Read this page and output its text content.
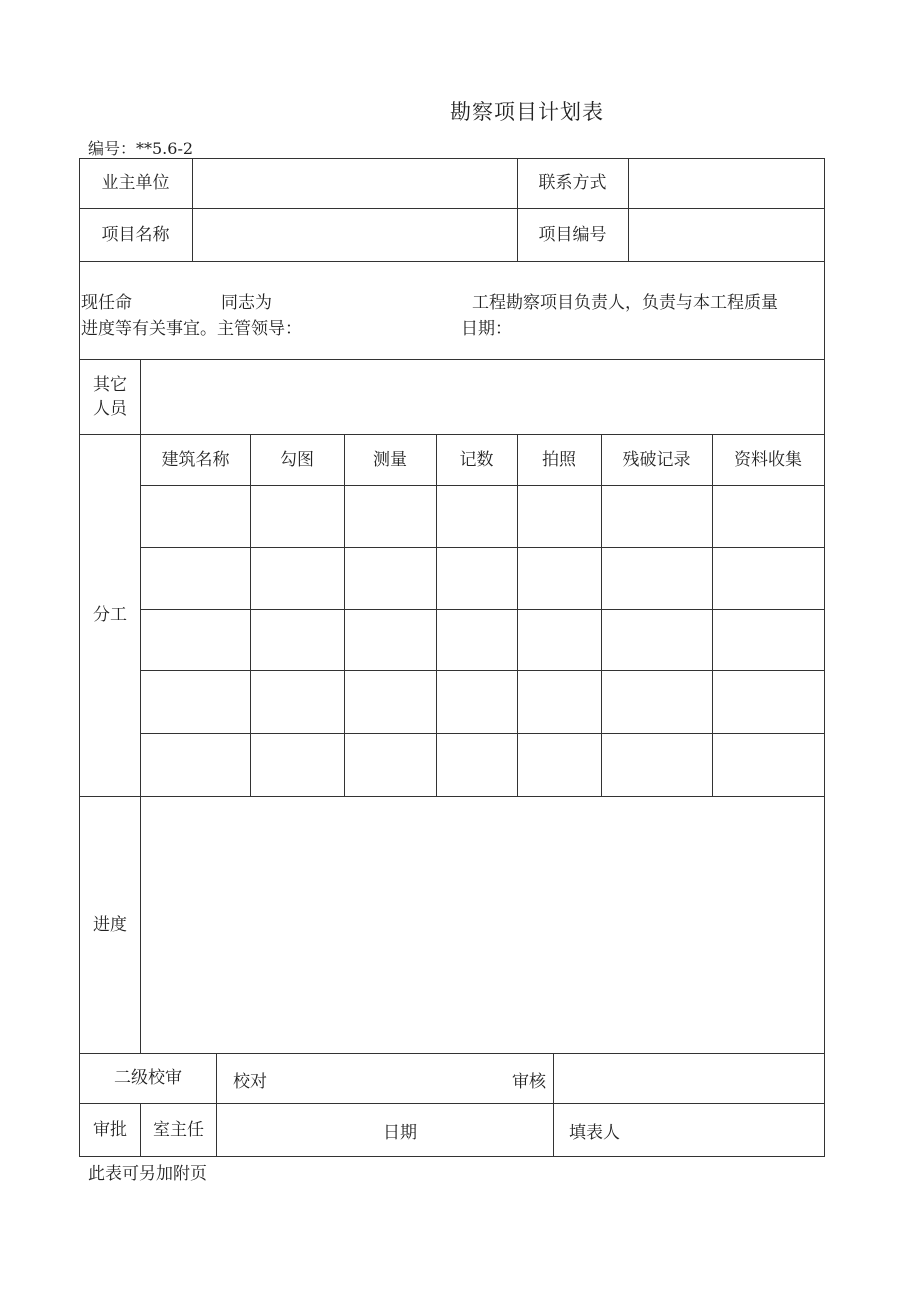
勘察项目计划表
编号：**5.6-2
业主单位	联系方式
项目名称	项目编号
现任命	同志为	工程勘察项目负责人，负责与本工程质量
进度等有关事宜。主管领导：	日期：
其它人员
分工
建筑名称	勾图	测量	记数	拍照	残破记录	资料收集
进度
二级校审	校对	审核
审批	室主任	日期	填表人
此表可另加附页
